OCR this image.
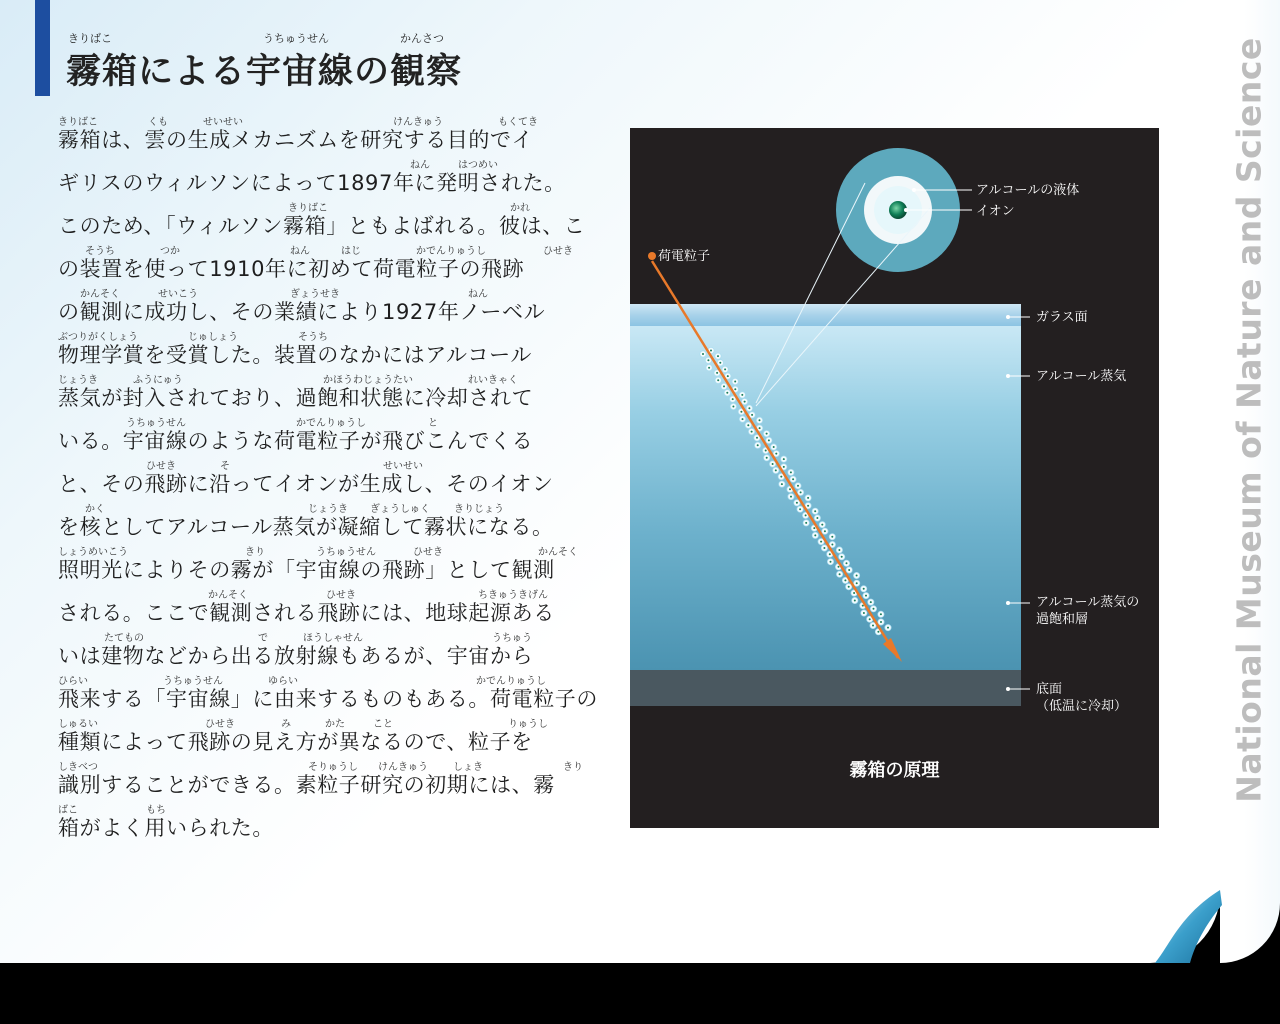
きりばこ	うちゅうせん	かんさつ
霧箱による宇宙線の観察
きりばこ	くも	せいせい	けんきゅう	もくてき
霧箱は、雲の生成メカニズムを研究する目的でイ
ねん	はつめい
ギリスのウィルソンによって1897年に発明された。
きりばこ	かれ
このため、「ウィルソン霧箱」ともよばれる。彼は、こ
そうち	つか	ねん	はじ	かでんりゅうし	ひせき
の装置を使って1910年に初めて荷電粒子の飛跡
かんそく	せいこう	ぎょうせき	ねん
の観測に成功し、その業績により1927年ノーベル
ぶつりがくしょう	じゅしょう	そうち
物理学賞を受賞した。装置のなかにはアルコール
じょうき	ふうにゅう	かほうわじょうたい	れいきゃく
蒸気が封入されており、過飽和状態に冷却されて
うちゅうせん	かでんりゅうし	と
いる。宇宙線のような荷電粒子が飛びこんでくる
ひせき	そ	せいせい
と、その飛跡に沿ってイオンが生成し、そのイオン
かく	じょうき ぎょうしゅく きりじょう
を核としてアルコール蒸気が凝縮して霧状になる。
しょうめいこう	きり	うちゅうせん	ひせき	かんそく
照明光によりその霧が「宇宙線の飛跡」として観測
かんそく	ひせき	ちきゅうきげん
される。ここで観測される飛跡には、地球起源ある
たてもの	で	ほうしゃせん	うちゅう
いは建物などから出る放射線もあるが、宇宙から
ひらい	うちゅうせん	ゆらい	かでんりゅうし
飛来する「宇宙線」に由来するものもある。荷電粒子の
しゅるい	ひせき	み	かた	こと	りゅうし
種類によって飛跡の見え方が異なるので、粒子を
しきべつ	そりゅうし けんきゅう	しょき	きり
識別することができる。素粒子研究の初期には、霧
ばこ	もち
箱がよく用いられた。
アルコールの液体
イオン
荷電粒子
ガラス面
アルコール蒸気
アルコール蒸気の
過飽和層
底面
（低温に冷却）
霧箱の原理	National Museum of Nature and Science
